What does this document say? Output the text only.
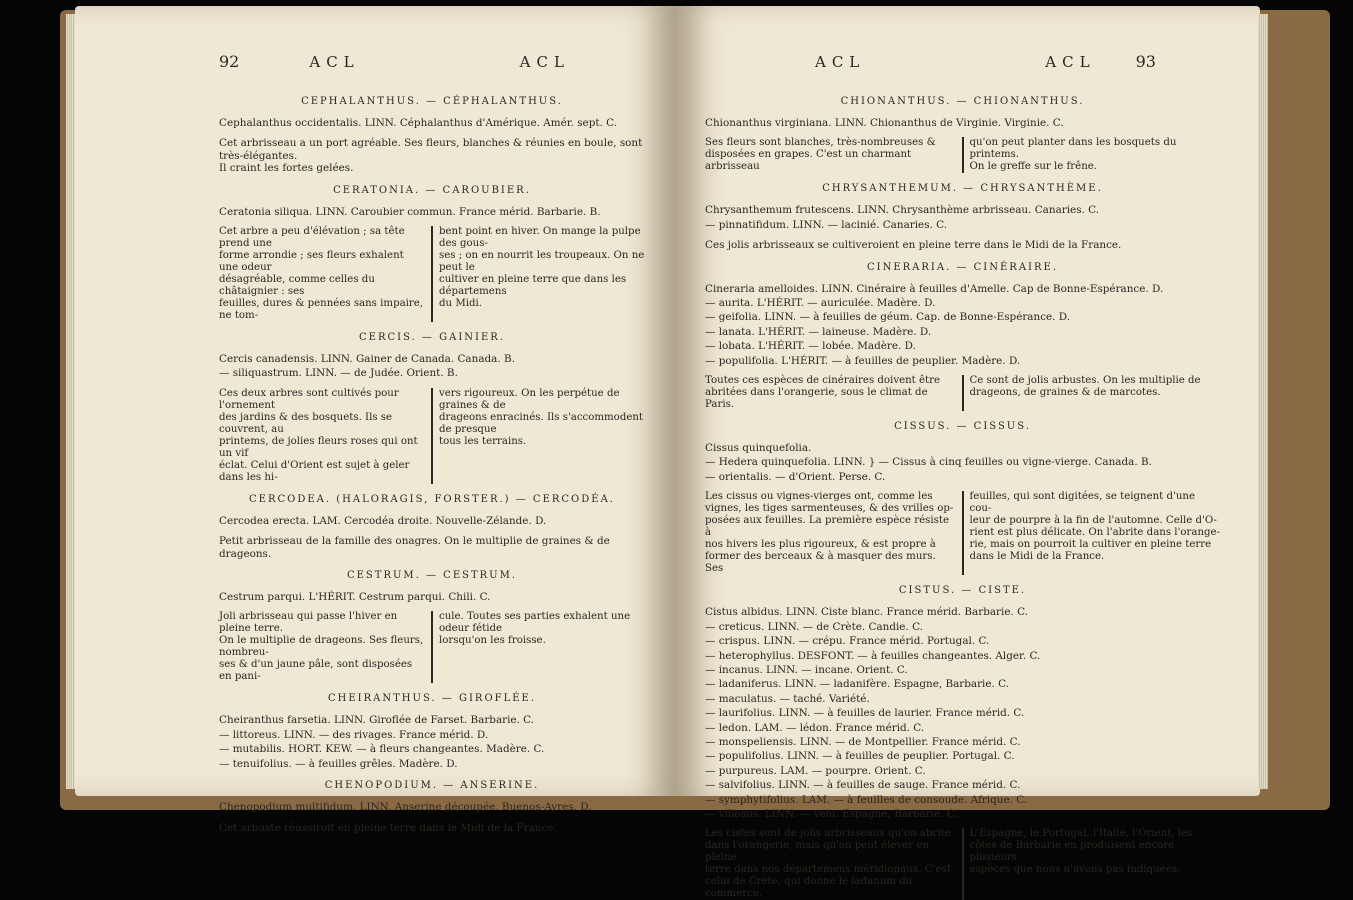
92	ACL	ACL
CEPHALANTHUS. — CÉPHALANTHUS.
Cephalanthus occidentalis. LINN. Céphalanthus d'Amérique. Amér. sept. C.
Cet arbrisseau a un port agréable. Ses fleurs, blanches & réunies en boule, sont très-élégantes.
Il craint les fortes gelées.
CERATONIA. — CAROUBIER.
Ceratonia siliqua. LINN. Caroubier commun. France mérid. Barbarie. B.
Cet arbre a peu d'élévation ; sa tête prend une
forme arrondie ; ses fleurs exhalent une odeur
désagréable, comme celles du châtaignier : ses
feuilles, dures & pennées sans impaire, ne tom-
bent point en hiver. On mange la pulpe des gous-
ses ; on en nourrit les troupeaux. On ne peut le
cultiver en pleine terre que dans les départemens
du Midi.
CERCIS. — GAINIER.
Cercis canadensis. LINN. Gainer de Canada. Canada. B.
— siliquastrum. LINN. — de Judée. Orient. B.
Ces deux arbres sont cultivés pour l'ornement
des jardins & des bosquets. Ils se couvrent, au
printems, de jolies fleurs roses qui ont un vif
éclat. Celui d'Orient est sujet à geler dans les hi-
vers rigoureux. On les perpétue de graines & de
drageons enracinés. Ils s'accommodent de presque
tous les terrains.
CERCODEA. (HALORAGIS, FORSTER.) — CERCODÉA.
Cercodea erecta. LAM. Cercodéa droite. Nouvelle-Zélande. D.
Petit arbrisseau de la famille des onagres. On le multiplie de graines & de drageons.
CESTRUM. — CESTRUM.
Cestrum parqui. L'HÉRIT. Cestrum parqui. Chili. C.
Joli arbrisseau qui passe l'hiver en pleine terre.
On le multiplie de drageons. Ses fleurs, nombreu-
ses & d'un jaune pâle, sont disposées en pani-
cule. Toutes ses parties exhalent une odeur fétide
lorsqu'on les froisse.
CHEIRANTHUS. — GIROFLÉE.
Cheiranthus farsetia. LINN. Giroflée de Farset. Barbarie. C.
— littoreus. LINN. — des rivages. France mérid. D.
— mutabilis. HORT. KEW. — à fleurs changeantes. Madère. C.
— tenuifolius. — à feuilles grêles. Madère. D.
CHENOPODIUM. — ANSERINE.
Chenopodium multifidum. LINN. Anserine découpée. Buenos-Ayres. D.
Cet arbuste réussiroit en pleine terre dans le Midi de la France.
ACL	ACL	93
CHIONANTHUS. — CHIONANTHUS.
Chionanthus virginiana. LINN. Chionanthus de Virginie. Virginie. C.
Ses fleurs sont blanches, très-nombreuses &
disposées en grapes. C'est un charmant arbrisseau
qu'on peut planter dans les bosquets du printems.
On le greffe sur le frêne.
CHRYSANTHEMUM. — CHRYSANTHÈME.
Chrysanthemum frutescens. LINN. Chrysanthème arbrisseau. Canaries. C.
— pinnatifidum. LINN. — lacinié. Canaries. C.
Ces jolis arbrisseaux se cultiveroient en pleine terre dans le Midi de la France.
CINERARIA. — CINÉRAIRE.
Cineraria amelloides. LINN. Cinéraire à feuilles d'Amelle. Cap de Bonne-Espérance. D.
— aurita. L'HÉRIT. — auriculée. Madère. D.
— geifolia. LINN. — à feuilles de géum. Cap. de Bonne-Espérance. D.
— lanata. L'HÉRIT. — laineuse. Madère. D.
— lobata. L'HÉRIT. — lobée. Madère. D.
— populifolia. L'HÉRIT. — à feuilles de peuplier. Madère. D.
Toutes ces espèces de cinéraires doivent être
abritées dans l'orangerie, sous le climat de Paris.
Ce sont de jolis arbustes. On les multiplie de
drageons, de graines & de marcotes.
CISSUS. — CISSUS.
Cissus quinquefolia.
— Hedera quinquefolia. LINN. } — Cissus à cinq feuilles ou vigne-vierge. Canada. B.
— orientalis. — d'Orient. Perse. C.
Les cissus ou vignes-vierges ont, comme les
vignes, les tiges sarmenteuses, & des vrilles op-
posées aux feuilles. La première espèce résiste à
nos hivers les plus rigoureux, & est propre à
former des berceaux & à masquer des murs. Ses
feuilles, qui sont digitées, se teignent d'une cou-
leur de pourpre à la fin de l'automne. Celle d'O-
rient est plus délicate. On l'abrite dans l'orange-
rie, mais on pourroit la cultiver en pleine terre
dans le Midi de la France.
CISTUS. — CISTE.
Cistus albidus. LINN. Ciste blanc. France mérid. Barbarie. C.
— creticus. LINN. — de Crète. Candie. C.
— crispus. LINN. — crépu. France mérid. Portugal. C.
— heterophyllus. DESFONT. — à feuilles changeantes. Alger. C.
— incanus. LINN. — incane. Orient. C.
— ladaniferus. LINN. — ladanifère. Espagne, Barbarie. C.
— maculatus. — taché. Variété.
— laurifolius. LINN. — à feuilles de laurier. France mérid. C.
— ledon. LAM. — lédon. France mérid. C.
— monspeliensis. LINN. — de Montpellier. France mérid. C.
— populifolius. LINN. — à feuilles de peuplier. Portugal. C.
— purpureus. LAM. — pourpre. Orient. C.
— salvifolius. LINN. — à feuilles de sauge. France mérid. C.
— symphytifolius. LAM. — à feuilles de consoude. Afrique. C.
— villosus. LINN. — velu. Espagne, Barbarie. C.
Les cistes sont de jolis arbrisseaux qu'on abrite
dans l'orangerie, mais qu'on peut élever en pleine
terre dans nos départemens méridionaux. C'est
celui de Crète, qui donne le ladanum du commerce.
L'Espagne, le Portugal, l'Italie, l'Orient, les
côtes de Barbarie en produisent encore plusieurs
espèces que nous n'avons pas indiquées.
